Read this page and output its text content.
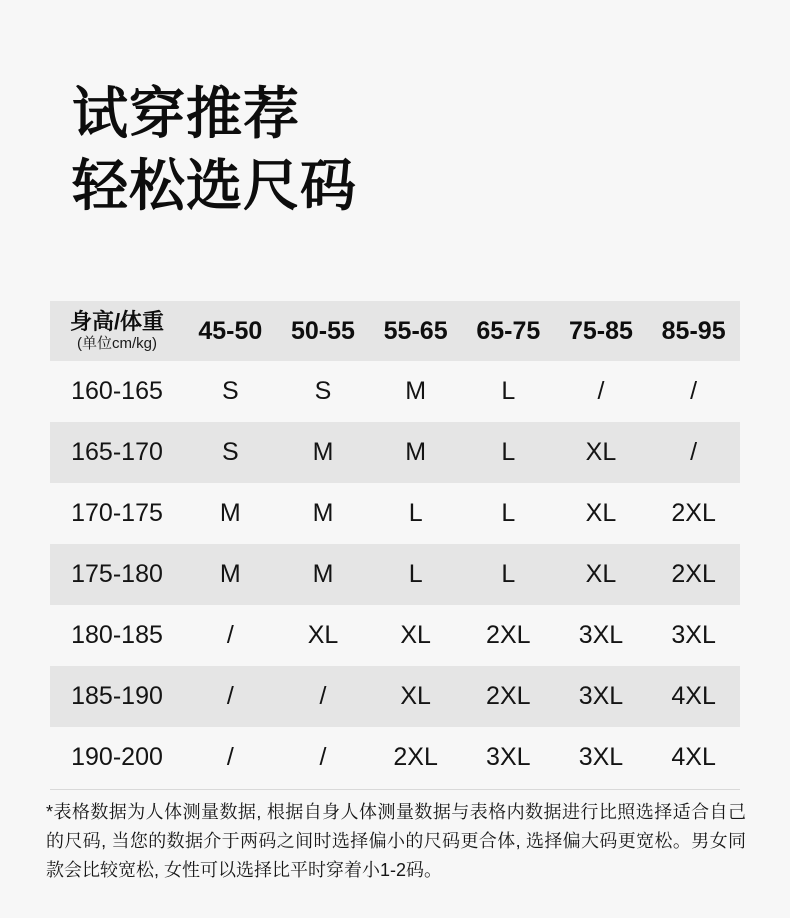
试穿推荐
轻松选尺码
身高/体重
(单位cm/kg)	45-50	50-55	55-65	65-75	75-85	85-95
160-165	S	S	M	L	/	/
165-170	S	M	M	L	XL	/
170-175	M	M	L	L	XL	2XL
175-180	M	M	L	L	XL	2XL
180-185	/	XL	XL	2XL	3XL	3XL
185-190	/	/	XL	2XL	3XL	4XL
190-200	/	/	2XL	3XL	3XL	4XL

*表格数据为人体测量数据, 根据自身人体测量数据与表格内数据进行比照选择适合自己的尺码, 当您的数据介于两码之间时选择偏小的尺码更合体, 选择偏大码更宽松。男女同款会比较宽松, 女性可以选择比平时穿着小1-2码。
